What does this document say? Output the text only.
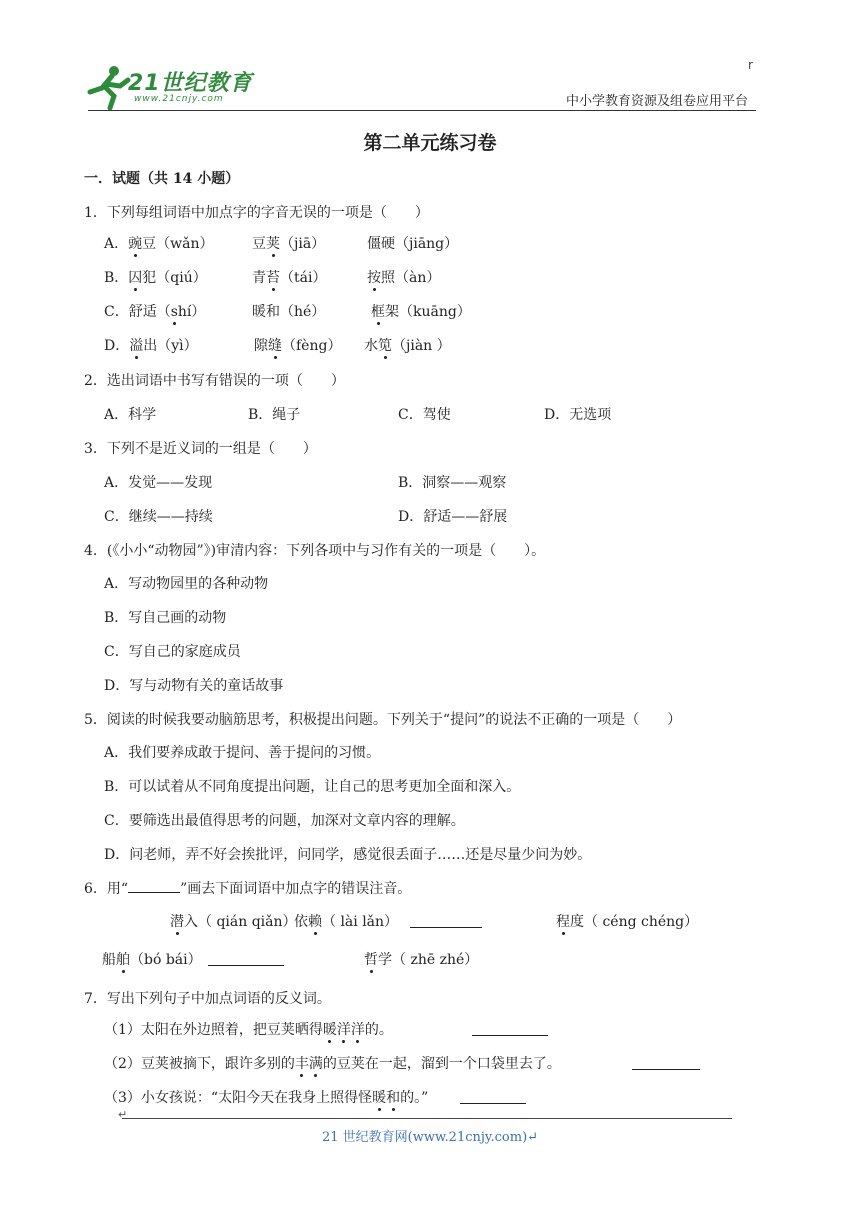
21世纪教育
www.21cnjy.com
r
中小学教育资源及组卷应用平台
第二单元练习卷
一．试题（共 14 小题）
1．下列每组词语中加点字的字音无误的一项是（　　）
A．豌豆（wǎn）	豆荚（jiā）	僵硬（jiāng）
B．囚犯（qiú）	青苔（tái）	按照（àn）
C．舒适（shí）	暖和（hé）	框架（kuāng）
D．溢出（yì）	隙缝（fèng） 水笕（jiàn ）
2．选出词语中书写有错误的一项（　　）
A．科学	B．绳子	C．驾使	D．无选项
3．下列不是近义词的一组是（　　）
A．发觉——发现	B．洞察——观察
C．继续——持续	D．舒适——舒展
4．(《小小“动物园”》)审清内容：下列各项中与习作有关的一项是（　　）。
A．写动物园里的各种动物
B．写自己画的动物
C．写自己的家庭成员
D．写与动物有关的童话故事
5．阅读的时候我要动脑筋思考，积极提出问题。下列关于“提问”的说法不正确的一项是（　　）
A．我们要养成敢于提问、善于提问的习惯。
B．可以试着从不同角度提出问题，让自己的思考更加全面和深入。
C．要筛选出最值得思考的问题，加深对文章内容的理解。
D．问老师，弄不好会挨批评，问同学，感觉很丢面子……还是尽量少问为妙。
6．用“	”画去下面词语中加点字的错误注音。
潜入（ qián qiǎn）
依赖（ lài lǎn）	程度（ céng chéng）
船舶（bó bái）	哲学（ zhē zhé）
7．写出下列句子中加点词语的反义词。
（1）太阳在外边照着，把豆荚晒得暖洋洋的。
（2）豆荚被摘下，跟许多别的丰满的豆荚在一起，溜到一个口袋里去了。
（3）小女孩说：“太阳今天在我身上照得怪暖和的。”
↵
21 世纪教育网(www.21cnjy.com)↵
